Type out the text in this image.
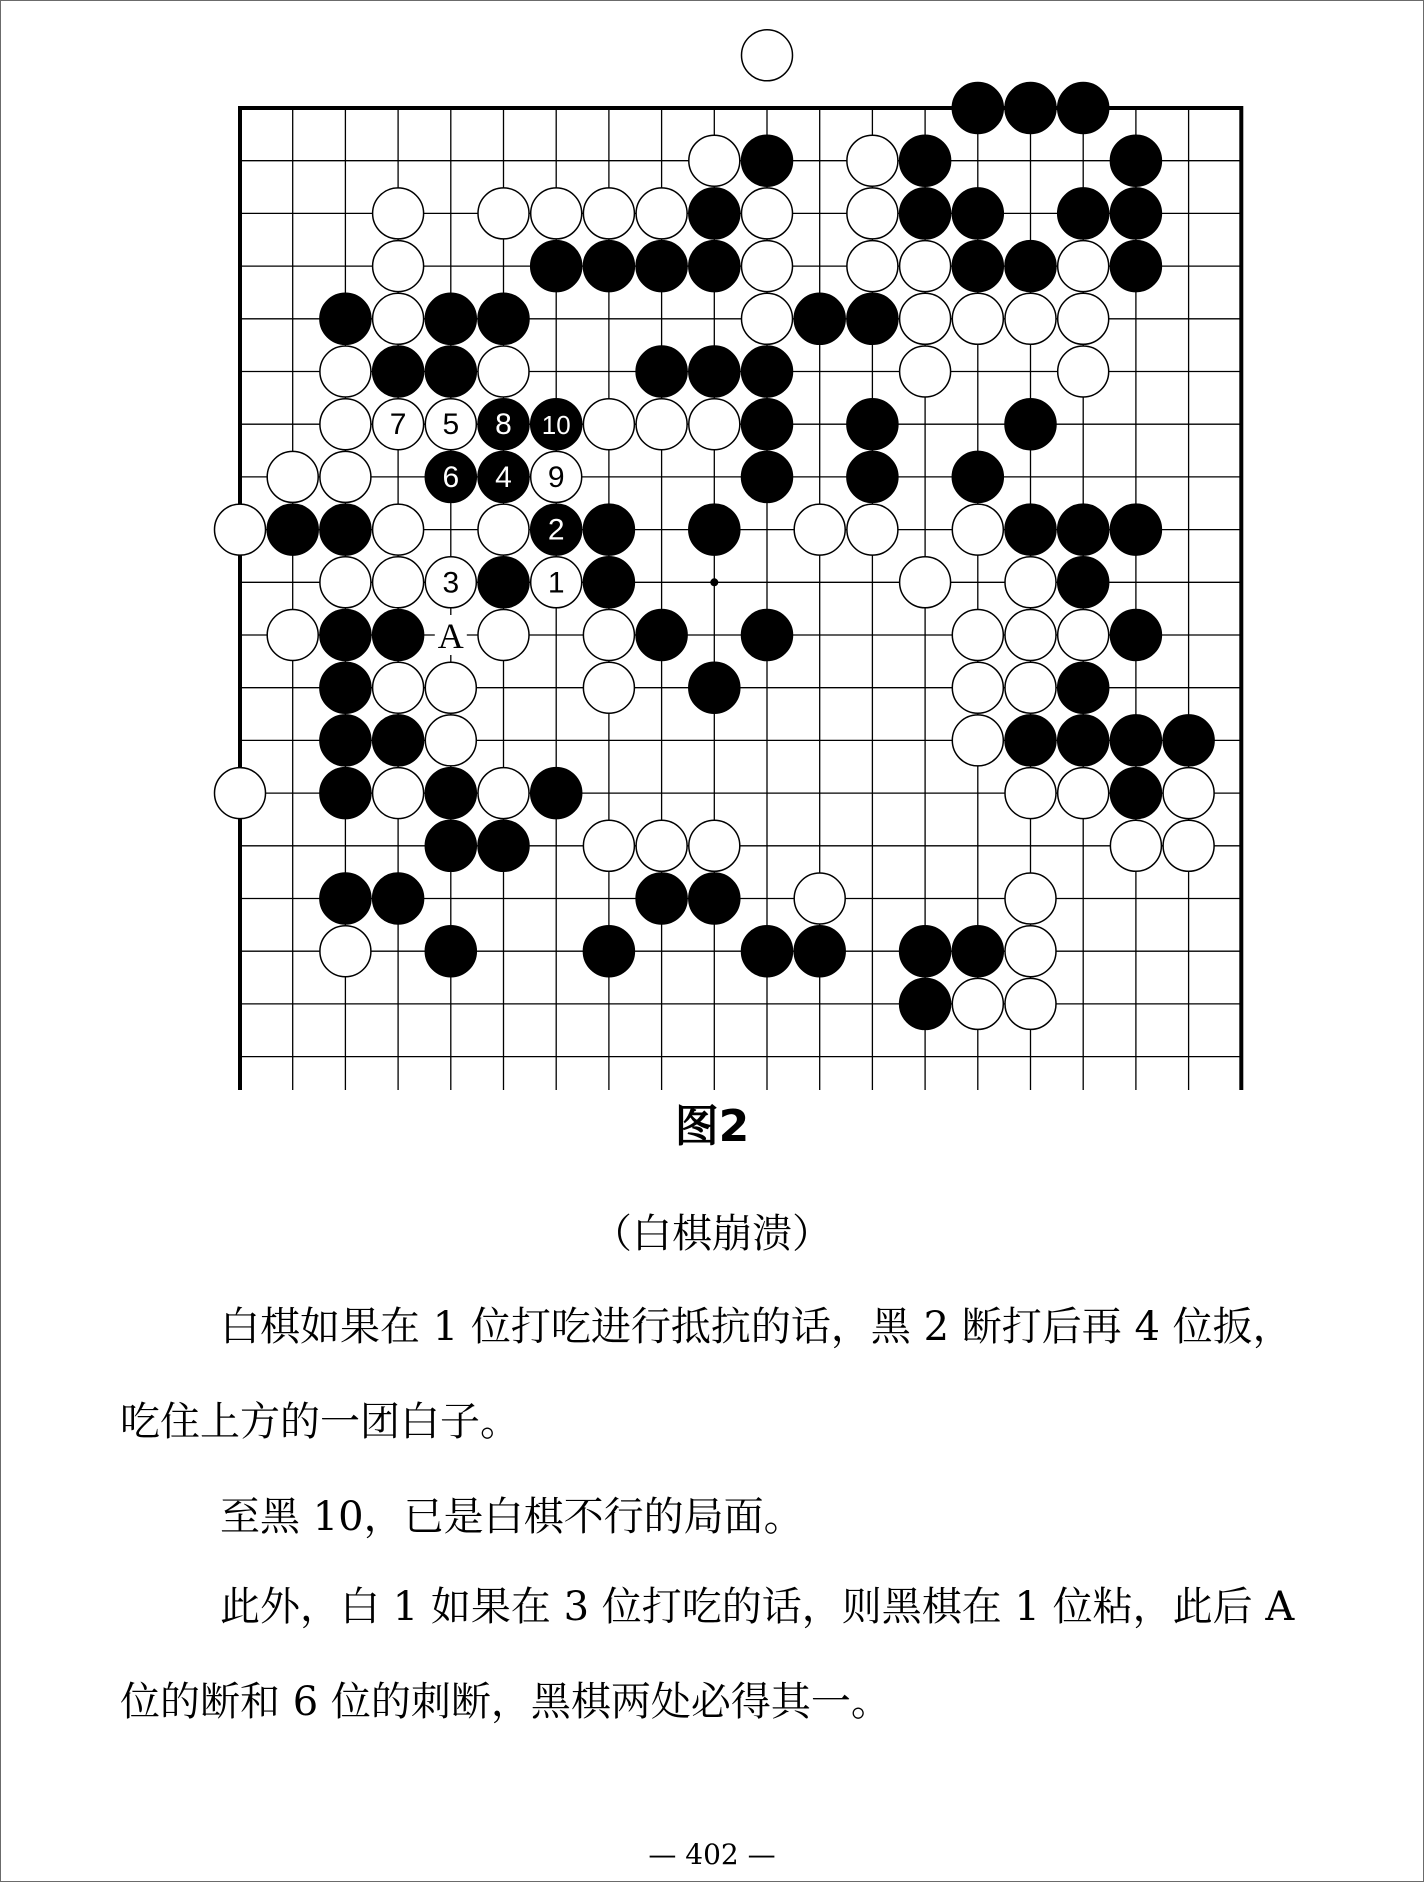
1
2
3
4
5
6
7	8
9
10
A
图2
（白棋崩溃）

白棋如果在 1 位打吃进行抵抗的话，黑 2 断打后再 4 位扳，吃住上方的一团白子。

至黑 10，已是白棋不行的局面。

此外，白 1 如果在 3 位打吃的话，则黑棋在 1 位粘，此后 A 位的断和 6 位的刺断，黑棋两处必得其一。

— 402 —
